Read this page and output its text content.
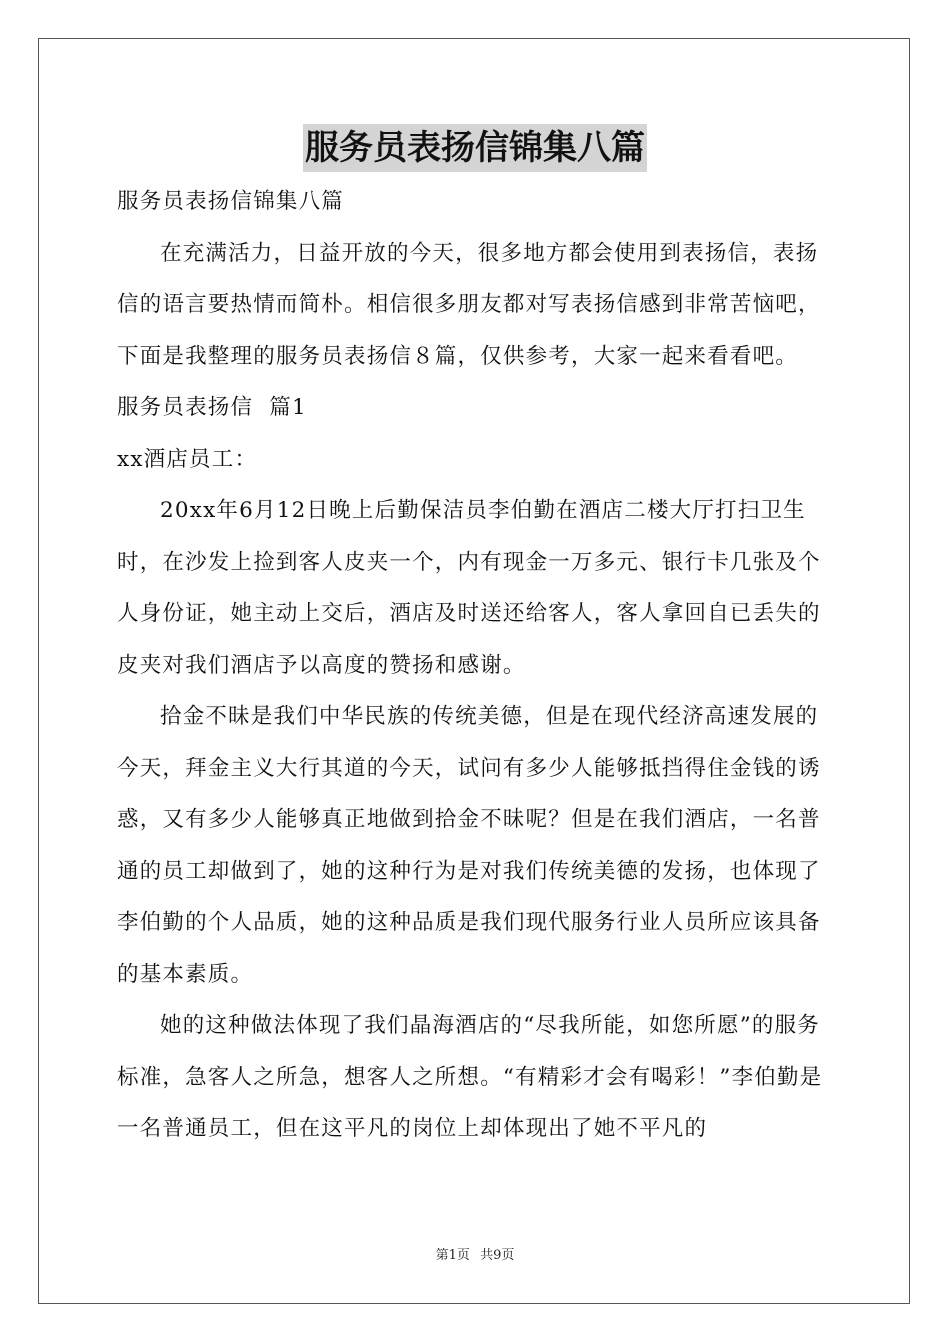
服务员表扬信锦集八篇

服务员表扬信锦集八篇

在充满活力，日益开放的今天，很多地方都会使用到表扬信，表扬信的语言要热情而简朴。相信很多朋友都对写表扬信感到非常苦恼吧，下面是我整理的服务员表扬信８篇，仅供参考，大家一起来看看吧。

服务员表扬信  篇1

xx酒店员工：

20xx年6月12日晚上后勤保洁员李伯勤在酒店二楼大厅打扫卫生时，在沙发上捡到客人皮夹一个，内有现金一万多元、银行卡几张及个人身份证，她主动上交后，酒店及时送还给客人，客人拿回自已丢失的皮夹对我们酒店予以高度的赞扬和感谢。

拾金不昧是我们中华民族的传统美德，但是在现代经济高速发展的今天，拜金主义大行其道的今天，试问有多少人能够抵挡得住金钱的诱惑，又有多少人能够真正地做到拾金不昧呢？但是在我们酒店，一名普通的员工却做到了，她的这种行为是对我们传统美德的发扬，也体现了李伯勤的个人品质，她的这种品质是我们现代服务行业人员所应该具备的基本素质。

她的这种做法体现了我们晶海酒店的“尽我所能，如您所愿”的服务标准，急客人之所急，想客人之所想。“有精彩才会有喝彩！”李伯勤是一名普通员工，但在这平凡的岗位上却体现出了她不平凡的

第1页 共9页
